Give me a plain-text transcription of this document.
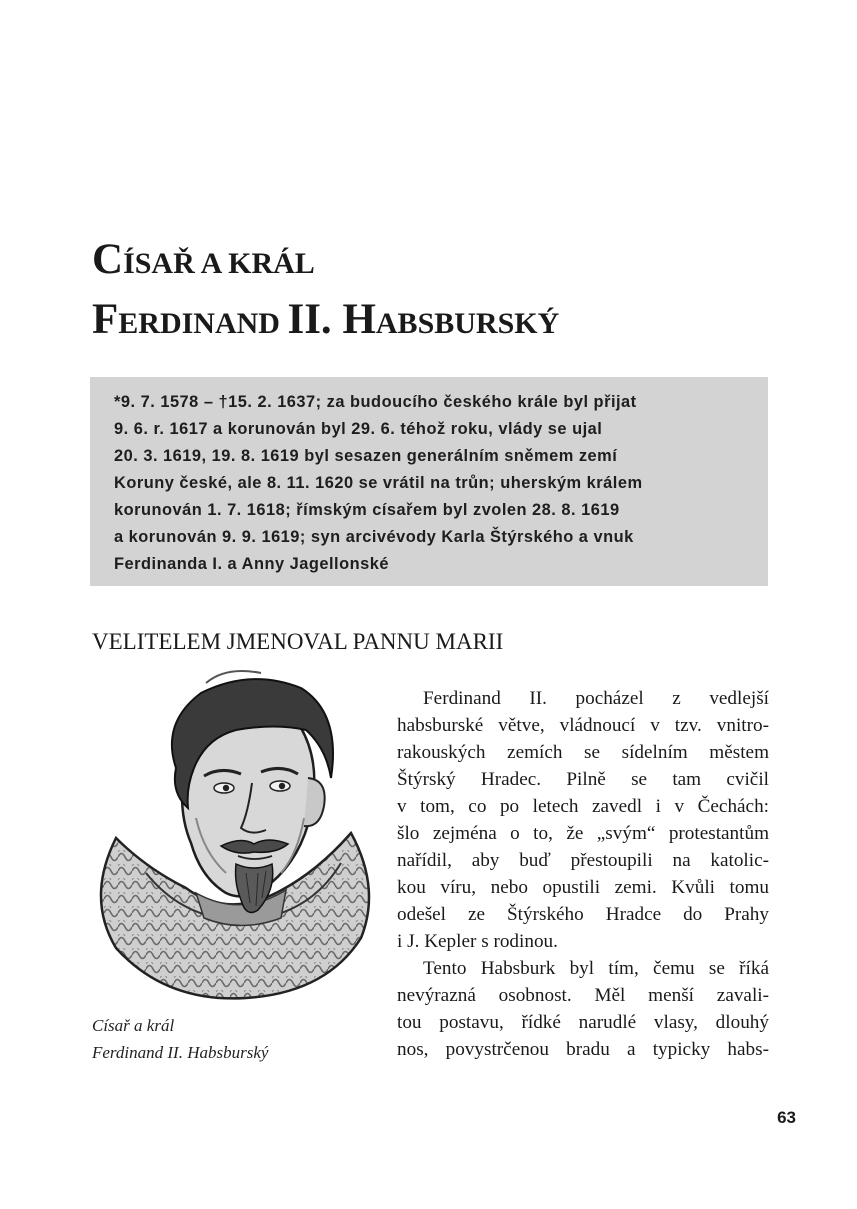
CÍSAŘ A KRÁL
FERDINAND II. HABSBURSKÝ
*9. 7. 1578 – †15. 2. 1637; za budoucího českého krále byl přijat
9. 6. r. 1617 a korunován byl 29. 6. téhož roku, vlády se ujal
20. 3. 1619, 19. 8. 1619 byl sesazen generálním sněmem zemí
Koruny české, ale 8. 11. 1620 se vrátil na trůn; uherským králem
korunován 1. 7. 1618; římským císařem byl zvolen 28. 8. 1619
a korunován 9. 9. 1619; syn arcivévody Karla Štýrského a vnuk
Ferdinanda I. a Anny Jagellonské
VELITELEM JMENOVAL PANNU MARII
Císař a král
Ferdinand II. Habsburský
Ferdinand II. pocházel z vedlejší
habsburské větve, vládnoucí v tzv. vnitro-
rakouských zemích se sídelním městem
Štýrský Hradec. Pilně se tam cvičil
v tom, co po letech zavedl i v Čechách:
šlo zejména o to, že „svým“ protestantům
nařídil, aby buď přestoupili na katolic-
kou víru, nebo opustili zemi. Kvůli tomu
odešel ze Štýrského Hradce do Prahy
i J. Kepler s rodinou.
Tento Habsburk byl tím, čemu se říká
nevýrazná osobnost. Měl menší zavali-
tou postavu, řídké narudlé vlasy, dlouhý
nos, povystrčenou bradu a typicky habs-
63
